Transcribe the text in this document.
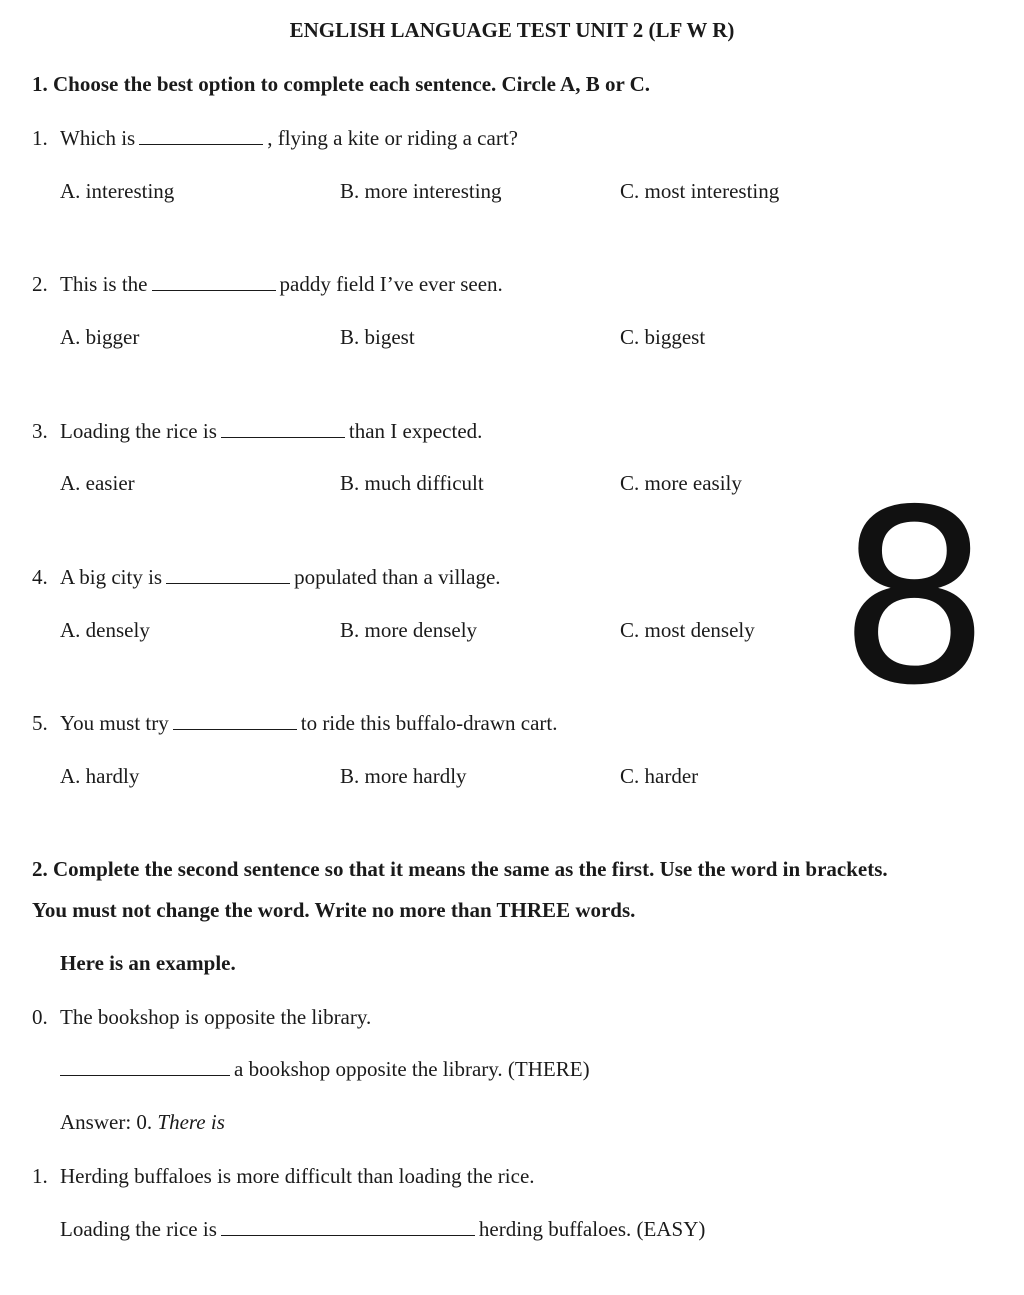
ENGLISH LANGUAGE TEST UNIT 2 (LF W R)
1. Choose the best option to complete each sentence. Circle A, B or C.
1. Which is	, flying a kite or riding a cart?
A. interesting	B. more interesting	C. most interesting
2. This is the	paddy field I’ve ever seen.
A. bigger	B. bigest	C. biggest
3. Loading the rice is	than I expected.
A. easier	B. much difficult	C. more easily
4. A big city is	populated than a village.
A. densely	B. more densely	C. most densely 8
5. You must try	to ride this buffalo-drawn cart.
A. hardly	B. more hardly	C. harder
2. Complete the second sentence so that it means the same as the first. Use the word in brackets.
You must not change the word. Write no more than THREE words.
Here is an example.
0. The bookshop is opposite the library.
a bookshop opposite the library. (THERE)
Answer: 0. There is
1. Herding buffaloes is more difficult than loading the rice.
Loading the rice is	herding buffaloes. (EASY)
